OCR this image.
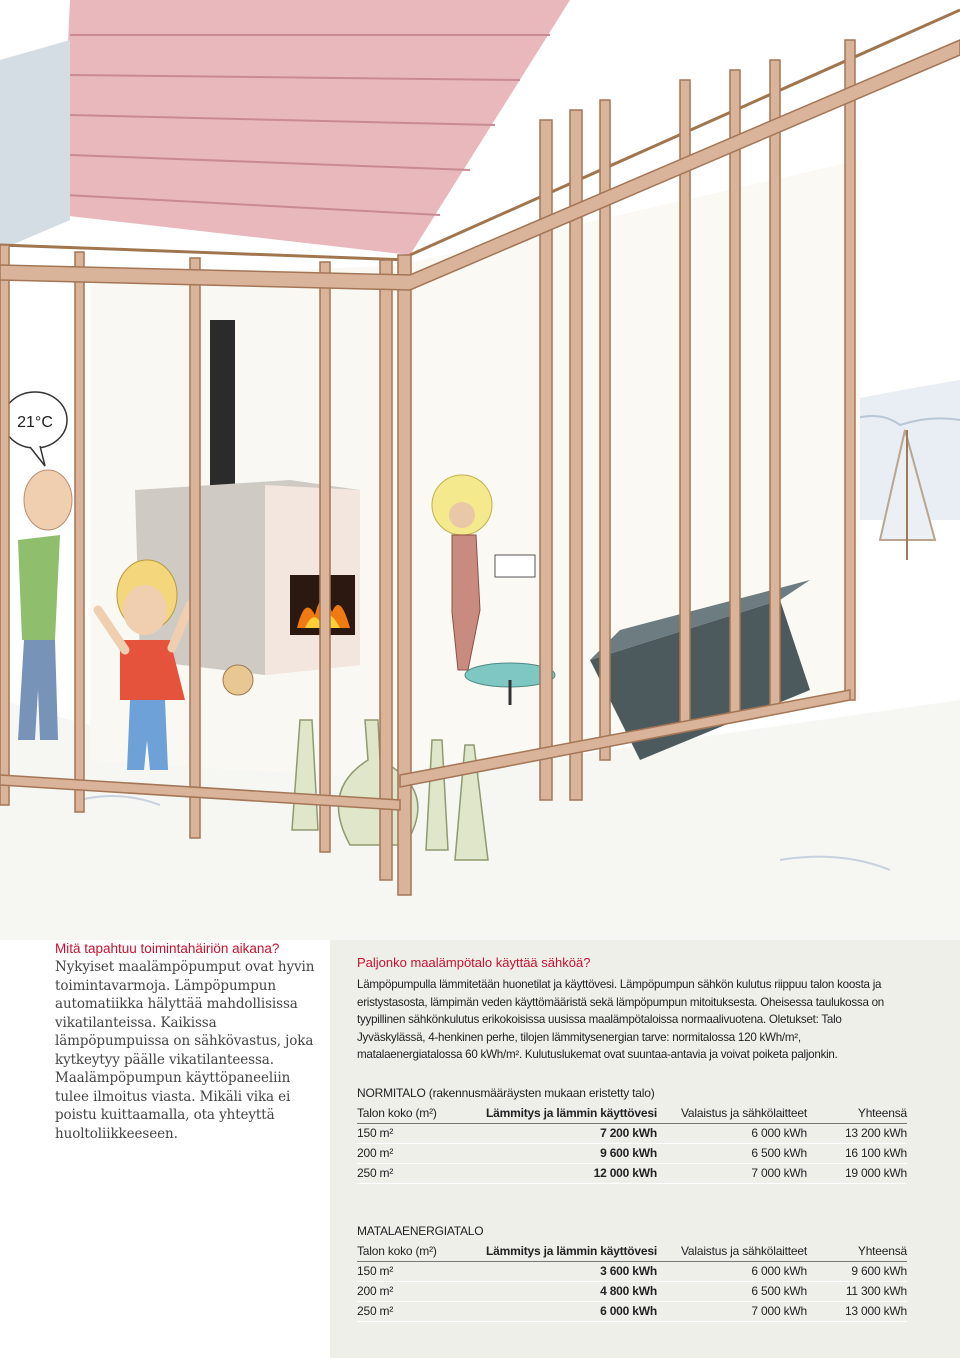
21°C

Mitä tapahtuu toimintahäiriön aikana?

Nykyiset maalämpöpumput ovat hyvin toimintavarmoja. Lämpöpumpun automatiikka hälyttää mahdollisissa vikatilanteissa. Kaikissa lämpöpumpuissa on sähkövastus, joka kytkeytyy päälle vikatilanteessa. Maalämpöpumpun käyttöpaneeliin tulee ilmoitus viasta. Mikäli vika ei poistu kuittaamalla, ota yhteyttä huoltoliikkeeseen.

Paljonko maalämpötalo käyttää sähköä?

Lämpöpumpulla lämmitetään huonetilat ja käyttövesi. Lämpöpumpun sähkön kulutus riippuu talon koosta ja eristystasosta, lämpimän veden käyttömääristä sekä lämpöpumpun mitoituksesta. Oheisessa taulukossa on tyypillinen sähkönkulutus erikokoisissa uusissa maalämpötaloissa normaalivuotena. Oletukset: Talo Jyväskylässä, 4-henkinen perhe, tilojen lämmitysenergian tarve: normitalossa 120 kWh/m², matalaenergiatalossa 60 kWh/m². Kulutuslukemat ovat suuntaa-antavia ja voivat poiketa paljonkin.

NORMITALO (rakennusmääräysten mukaan eristetty talo)

Talon koko (m²)	Lämmitys ja lämmin käyttövesi	Valaistus ja sähkölaitteet	Yhteensä
150 m²	7 200 kWh	6 000 kWh	13 200 kWh
200 m²	9 600 kWh	6 500 kWh	16 100 kWh
250 m²	12 000 kWh	7 000 kWh	19 000 kWh

MATALAENERGIATALO

Talon koko (m²)	Lämmitys ja lämmin käyttövesi	Valaistus ja sähkölaitteet	Yhteensä
150 m²	3 600 kWh	6 000 kWh	9 600 kWh
200 m²	4 800 kWh	6 500 kWh	11 300 kWh
250 m²	6 000 kWh	7 000 kWh	13 000 kWh
